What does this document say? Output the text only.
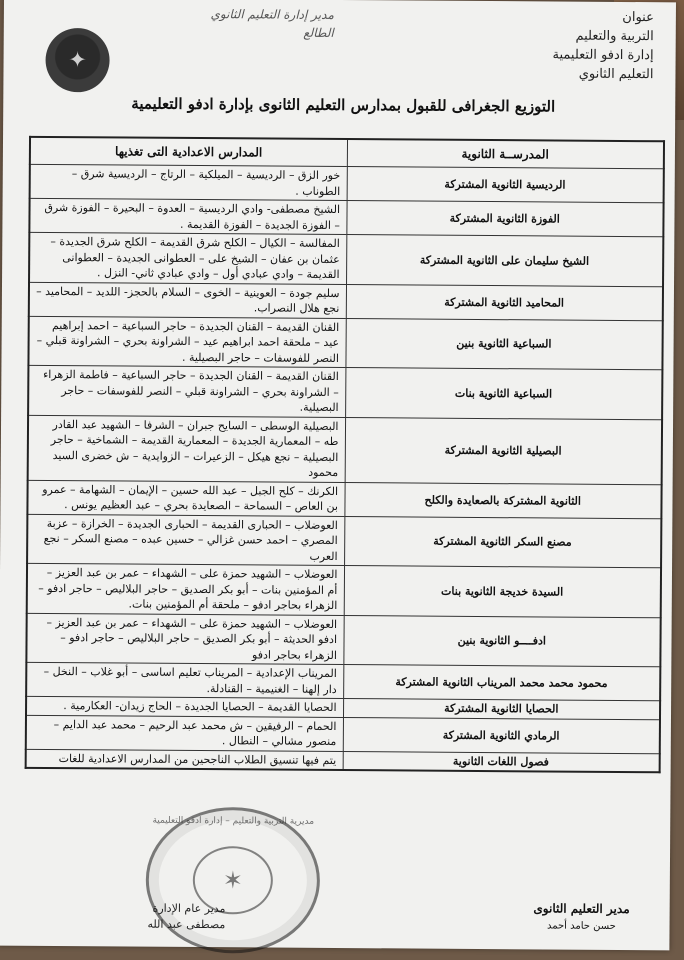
✦
مدير إدارة التعليم الثانوي
الطالع
عنوان
التربية والتعليم
إدارة ادفو التعليمية
التعليم الثانوي
التوزيع الجغرافى للقبول بمدارس التعليم الثانوى بإدارة ادفو التعليمية
المدرســة الثانوية	المدارس الاعدادية التى تغذيها
الرديسية الثانوية المشتركة	خور الزق – الرديسية – الميلكية – الرتاج – الرديسية شرق – الطوناب .
الفوزة الثانوية المشتركة	الشيخ مصطفى- وادي الرديسية – العدوة – البحيرة – الفوزة شرق – الفوزة الجديدة – الفوزة القديمة .
الشيخ سليمان على الثانوية المشتركة	المفالسة – الكيال – الكلح شرق القديمة – الكلح شرق الجديدة – عثمان بن عفان – الشيخ على – العطوانى الجديدة – العطوانى القديمة – وادي عبادي أول – وادي عبادي ثاني- النزل .
المحاميد الثانوية المشتركة	سليم جودة – العوينية – الخوى – السلام بالحجز- اللديد – المحاميد – نجع هلال النصراب.
السباعية الثانوية بنين	القنان القديمة – القنان الجديدة – حاجر السباعية – احمد إبراهيم عيد – ملحقة احمد ابراهيم عيد – الشراونة بحري – الشراونة قبلي – النصر للفوسفات – حاجر البصيلية .
السباعية الثانوية بنات	القنان القديمة – القنان الجديدة – حاجر السباعية – فاطمة الزهراء – الشراونة بحري – الشراونة قبلي – النصر للفوسفات – حاجر البصيلية.
البصيلية الثانوية المشتركة	البصيلية الوسطى – السايح جبران – الشرفا – الشهيد عبد القادر طه – المعمارية الجديدة – المعمارية القديمة – الشماخية – حاجر البصيلية – نجع هيكل – الزعيرات – الزوايدية – ش خضرى السيد محمود
الثانوية المشتركة بالصعايدة والكلح	الكرنك – كلح الجبل – عبد الله حسين – الإيمان – الشهامة – عمرو بن العاص – السماحة – الصعايدة بحري – عبد العظيم يونس .
مصنع السكر الثانوية المشتركة	العوضلاب – الحبارى القديمة – الحبارى الجديدة – الخرازة – عزبة المصري – احمد حسن غزالي – حسين عبده – مصنع السكر – نجع العرب
السيدة خديجة الثانوية بنات	العوضلاب – الشهيد حمزة على – الشهداء – عمر بن عبد العزيز – أم المؤمنين بنات – أبو بكر الصديق – حاجر البلاليص – حاجر ادفو – الزهراء بحاجر ادفو – ملحقة أم المؤمنين بنات.
ادفــــو الثانوية بنين	العوضلاب – الشهيد حمزة على – الشهداء – عمر بن عبد العزيز – ادفو الحديثة – أبو بكر الصديق – حاجر البلاليص – حاجر ادفو – الزهراء بحاجر ادفو
محمود محمد محمد المريناب الثانوية المشتركة	المريناب الإعدادية – المريناب تعليم اساسى – أبو غلاب – النخل – دار إلهنا – الغنيمية – القنادلة.
الحصايا الثانوية المشتركة	الحصايا القديمة – الحصايا الجديدة – الحاج زيدان- العكارمية .
الرمادي الثانوية المشتركة	الحمام – الرفيقين – ش محمد عبد الرحيم – محمد عبد الدايم – منصور مشالي – النطال .
فصول اللغات الثانوية	يتم فيها تنسيق الطلاب الناجحين من المدارس الاعدادية للغات
مديرية التربية والتعليم – إدارة ادفو التعليمية
✶
مدير التعليم الثانوى
حسن حامد أحمد
مدير عام الإدارة
مصطفى عبد الله
